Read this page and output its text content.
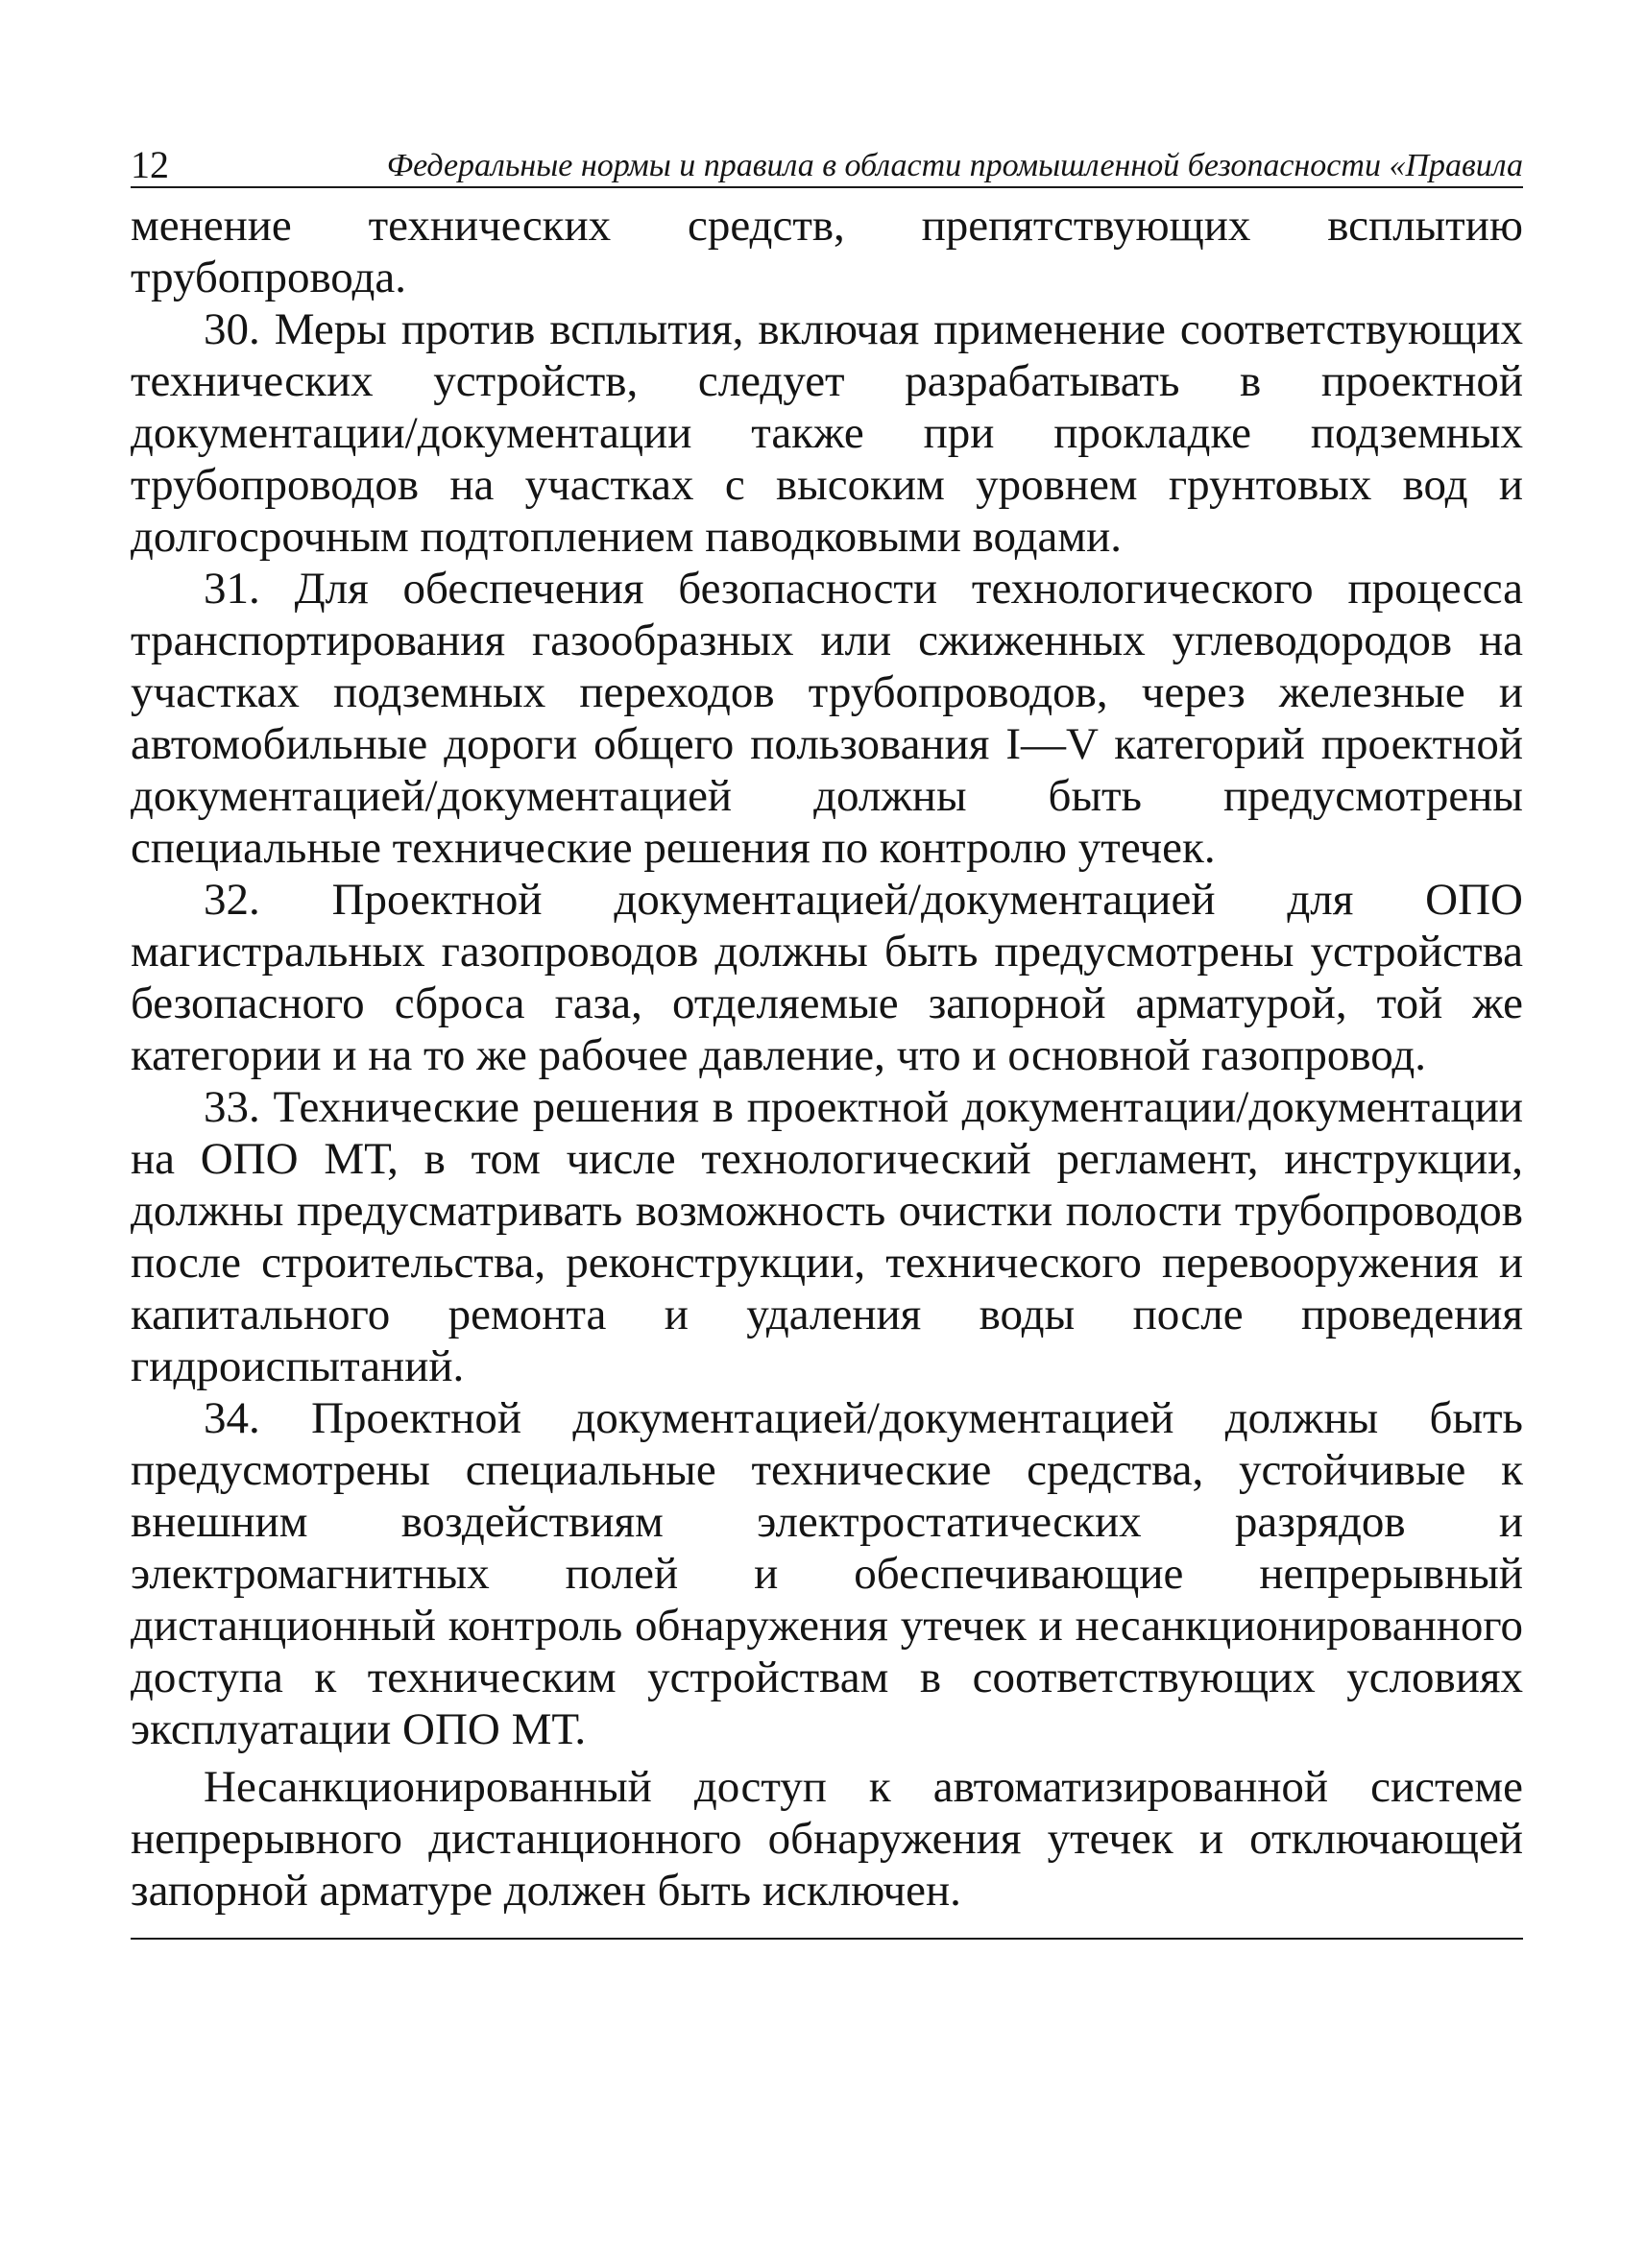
12	Федеральные нормы и правила в области промышленной безопасности «Правила

менение технических средств, препятствующих всплытию трубопровода.

30. Меры против всплытия, включая применение соответствующих технических устройств, следует разрабатывать в проектной документации/документации также при прокладке подземных трубопроводов на участках с высоким уровнем грунтовых вод и долгосрочным подтоплением паводковыми водами.

31. Для обеспечения безопасности технологического процесса транспортирования газообразных или сжиженных углеводородов на участках подземных переходов трубопроводов, через железные и автомобильные дороги общего пользования I—V категорий проектной документацией/документацией должны быть предусмотрены специальные технические решения по контролю утечек.

32. Проектной документацией/документацией для ОПО магистральных газопроводов должны быть предусмотрены устройства безопасного сброса газа, отделяемые запорной арматурой, той же категории и на то же рабочее давление, что и основной газопровод.

33. Технические решения в проектной документации/документации на ОПО МТ, в том числе технологический регламент, инструкции, должны предусматривать возможность очистки полости трубопроводов после строительства, реконструкции, технического перевооружения и капитального ремонта и удаления воды после проведения гидроиспытаний.

34. Проектной документацией/документацией должны быть предусмотрены специальные технические средства, устойчивые к внешним воздействиям электростатических разрядов и электромагнитных полей и обеспечивающие непрерывный дистанционный контроль обнаружения утечек и несанкционированного доступа к техническим устройствам в соответствующих условиях эксплуатации ОПО МТ.

Несанкционированный доступ к автоматизированной системе непрерывного дистанционного обнаружения утечек и отключающей запорной арматуре должен быть исключен.
